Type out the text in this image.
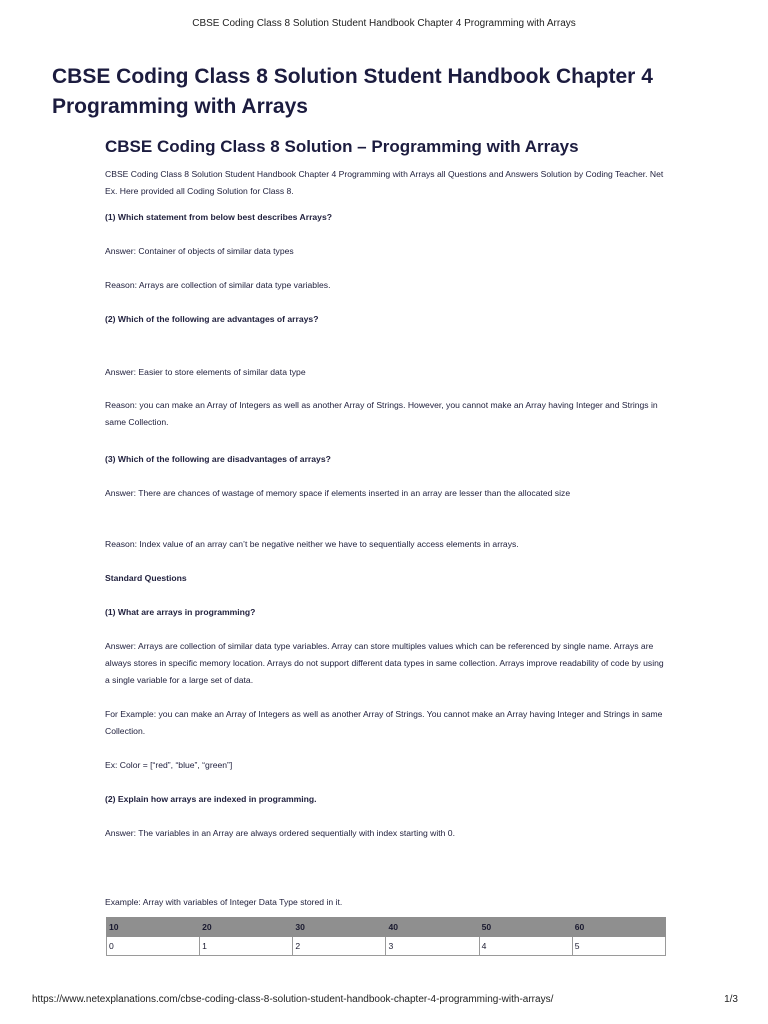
CBSE Coding Class 8 Solution Student Handbook Chapter 4 Programming with Arrays
CBSE Coding Class 8 Solution Student Handbook Chapter 4 Programming with Arrays
CBSE Coding Class 8 Solution – Programming with Arrays

CBSE Coding Class 8 Solution Student Handbook Chapter 4 Programming with Arrays all Questions and Answers Solution by Coding Teacher. Net Ex. Here provided all Coding Solution for Class 8.

(1) Which statement from below best describes Arrays?

Answer: Container of objects of similar data types

Reason: Arrays are collection of similar data type variables.

(2) Which of the following are advantages of arrays?

Answer: Easier to store elements of similar data type

Reason: you can make an Array of Integers as well as another Array of Strings. However, you cannot make an Array having Integer and Strings in same Collection.

(3) Which of the following are disadvantages of arrays?

Answer: There are chances of wastage of memory space if elements inserted in an array are lesser than the allocated size

Reason: Index value of an array can’t be negative neither we have to sequentially access elements in arrays.

Standard Questions

(1) What are arrays in programming?

Answer: Arrays are collection of similar data type variables. Array can store multiples values which can be referenced by single name. Arrays are always stores in specific memory location. Arrays do not support different data types in same collection. Arrays improve readability of code by using a single variable for a large set of data.

For Example: you can make an Array of Integers as well as another Array of Strings. You cannot make an Array having Integer and Strings in same Collection.

Ex: Color = [“red”, “blue”, “green”]

(2) Explain how arrays are indexed in programming.

Answer: The variables in an Array are always ordered sequentially with index starting with 0.

Example: Array with variables of Integer Data Type stored in it.

10	20	30	40	50	60
0	1	2	3	4	5
https://www.netexplanations.com/cbse-coding-class-8-solution-student-handbook-chapter-4-programming-with-arrays/	1/3
